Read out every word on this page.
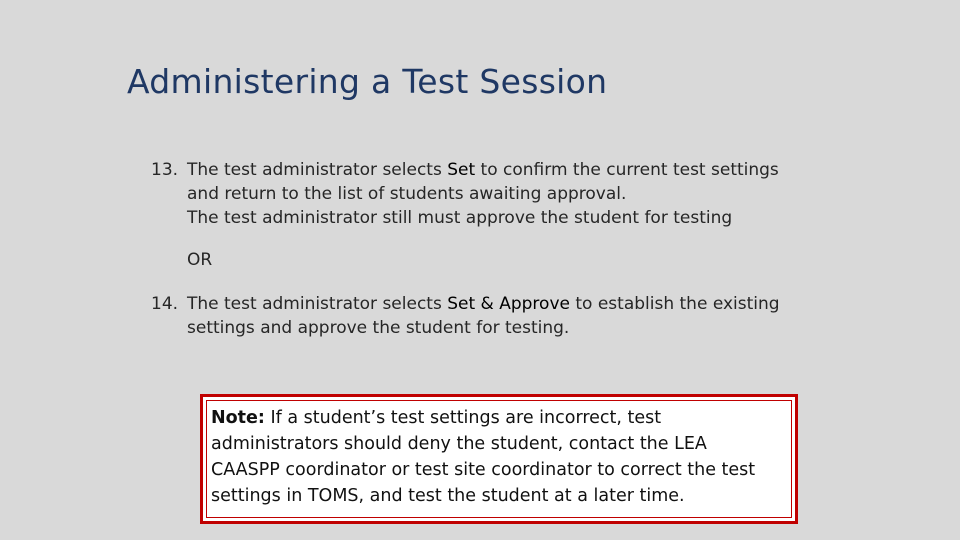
Administering a Test Session
13. The test administrator selects Set to confirm the current test settings
and return to the list of students awaiting approval.
The test administrator still must approve the student for testing
OR
14. The test administrator selects Set & Approve to establish the existing
settings and approve the student for testing.
Note: If a student’s test settings are incorrect, test
administrators should deny the student, contact the LEA
CAASPP coordinator or test site coordinator to correct the test
settings in TOMS, and test the student at a later time.
